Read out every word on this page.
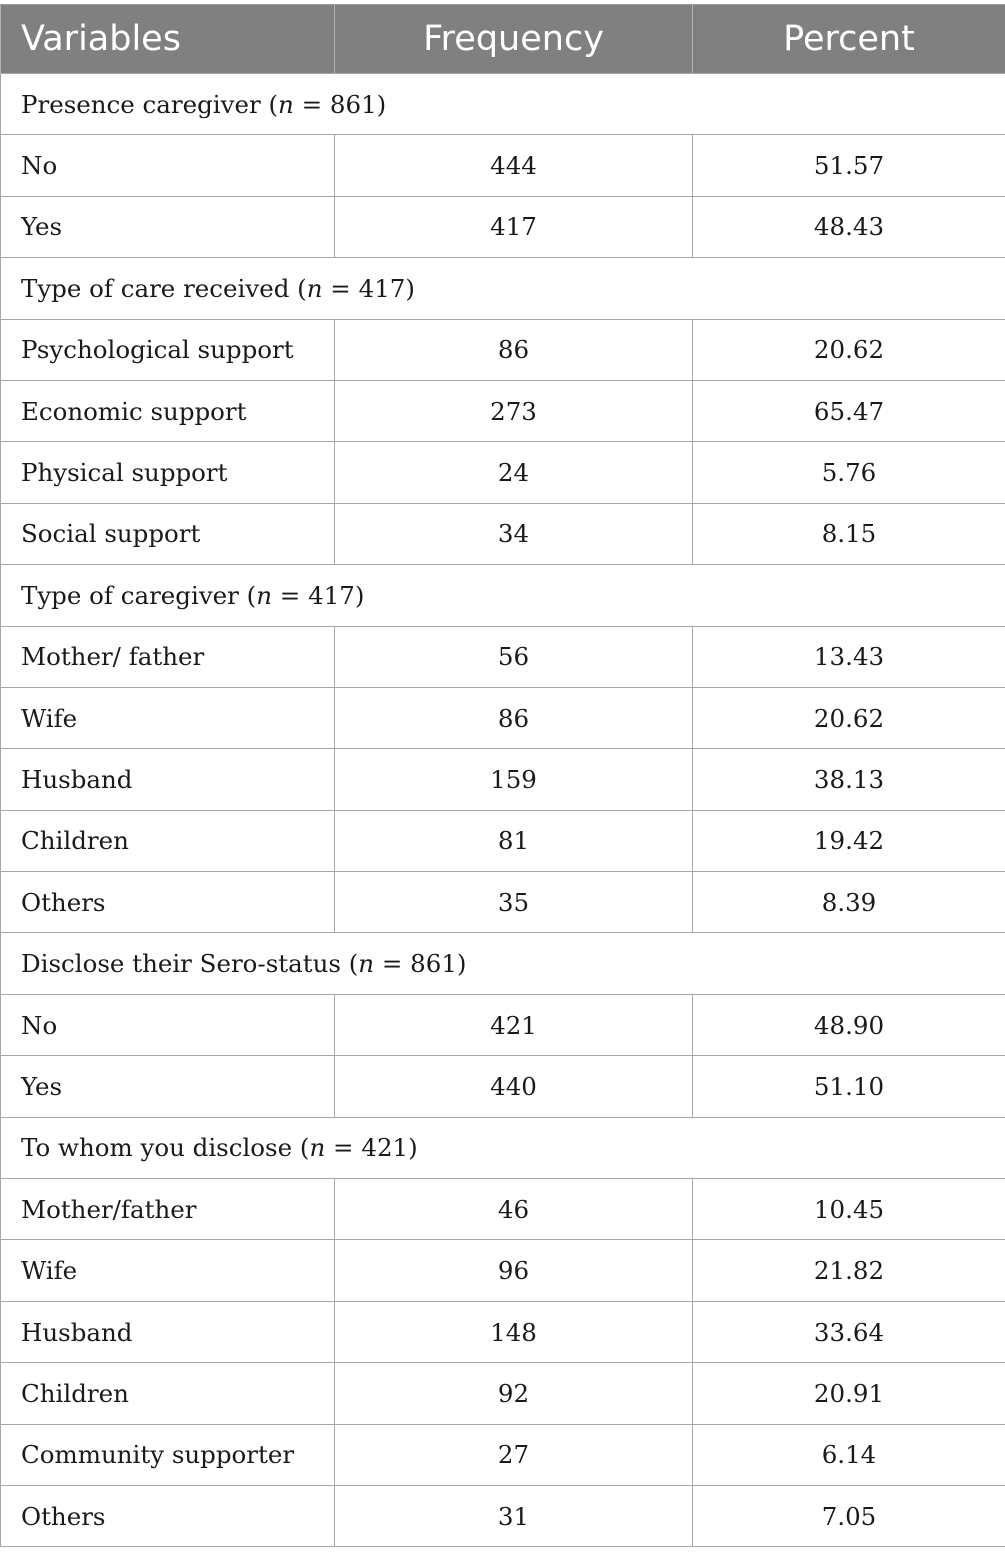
Variables	Frequency	Percent
Presence caregiver (n = 861)		
No	444	51.57
Yes	417	48.43
Type of care received (n = 417)		
Psychological support	86	20.62
Economic support	273	65.47
Physical support	24	5.76
Social support	34	8.15
Type of caregiver (n = 417)		
Mother/ father	56	13.43
Wife	86	20.62
Husband	159	38.13
Children	81	19.42
Others	35	8.39
Disclose their Sero-status (n = 861)		
No	421	48.90
Yes	440	51.10
To whom you disclose (n = 421)		
Mother/father	46	10.45
Wife	96	21.82
Husband	148	33.64
Children	92	20.91
Community supporter	27	6.14
Others	31	7.05
